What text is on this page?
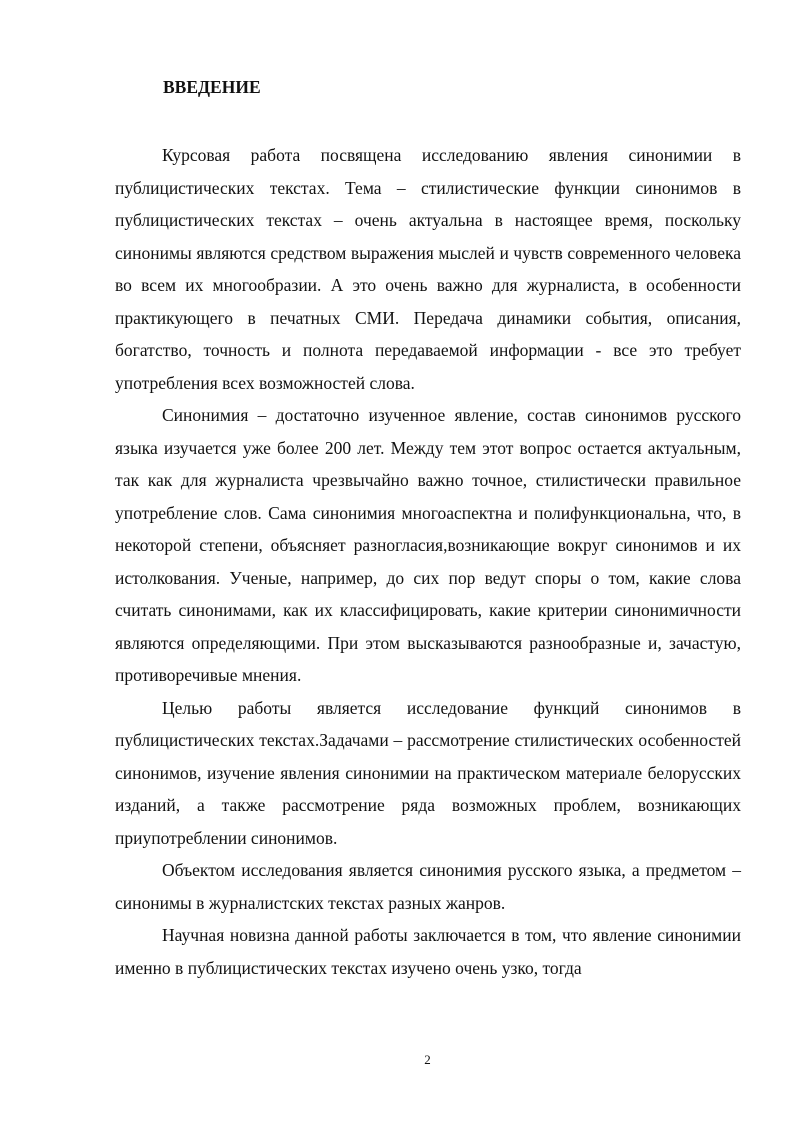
ВВЕДЕНИЕ

Курсовая работа посвящена исследованию явления синонимии в публицистических текстах. Тема – стилистические функции синонимов в публицистических текстах – очень актуальна в настоящее время, поскольку синонимы являются средством выражения мыслей и чувств современного человека во всем их многообразии. А это очень важно для журналиста, в особенности практикующего в печатных СМИ. Передача динамики события, описания, богатство, точность и полнота передаваемой информации - все это требует употребления всех возможностей слова.

Синонимия – достаточно изученное явление, состав синонимов русского языка изучается уже более 200 лет. Между тем этот вопрос остается актуальным, так как для журналиста чрезвычайно важно точное, стилистически правильное употребление слов. Сама синонимия многоаспектна и полифункциональна, что, в некоторой степени, объясняет разногласия,возникающие вокруг синонимов и их истолкования. Ученые, например, до сих пор ведут споры о том, какие слова считать синонимами, как их классифицировать, какие критерии синонимичности являются определяющими. При этом высказываются разнообразные и, зачастую, противоречивые мнения.

Целью работы является исследование функций синонимов в публицистических текстах.Задачами – рассмотрение стилистических особенностей синонимов, изучение явления синонимии на практическом материале белорусских изданий, а также рассмотрение ряда возможных проблем, возникающих приупотреблении синонимов.

Объектом исследования является синонимия русского языка, а предметом – синонимы в журналистских текстах разных жанров.

Научная новизна данной работы заключается в том, что явление синонимии именно в публицистических текстах изучено очень узко, тогда

2
